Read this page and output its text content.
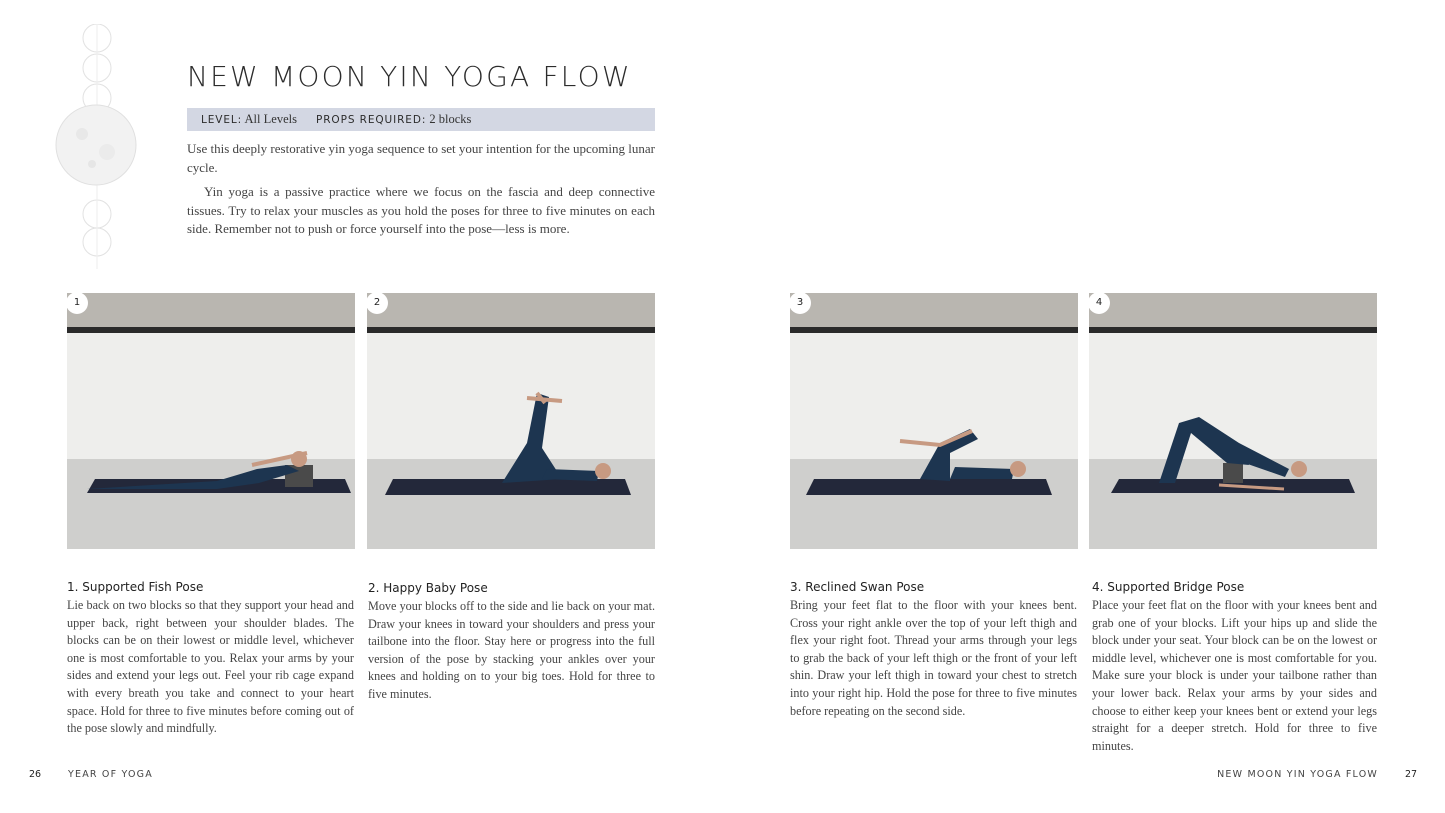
NEW MOON YIN YOGA FLOW
LEVEL: All Levels PROPS REQUIRED: 2 blocks

Use this deeply restorative yin yoga sequence to set your intention for the upcoming lunar cycle.

Yin yoga is a passive practice where we focus on the fascia and deep connective tissues. Try to relax your muscles as you hold the poses for three to five minutes on each side. Remember not to push or force yourself into the pose—less is more.

1	2	3	4
1. Supported Fish Pose

Lie back on two blocks so that they support your head and upper back, right between your shoulder blades. The blocks can be on their lowest or middle level, whichever one is most comfortable to you. Relax your arms by your sides and extend your legs out. Feel your rib cage expand with every breath you take and connect to your heart space. Hold for three to five minutes before coming out of the pose slowly and mindfully.

2. Happy Baby Pose

Move your blocks off to the side and lie back on your mat. Draw your knees in toward your shoulders and press your tailbone into the floor. Stay here or progress into the full version of the pose by stacking your ankles over your knees and holding on to your big toes. Hold for three to five minutes.

3. Reclined Swan Pose

Bring your feet flat to the floor with your knees bent. Cross your right ankle over the top of your left thigh and flex your right foot. Thread your arms through your legs to grab the back of your left thigh or the front of your left shin. Draw your left thigh in toward your chest to stretch into your right hip. Hold the pose for three to five minutes before repeating on the second side.

4. Supported Bridge Pose

Place your feet flat on the floor with your knees bent and grab one of your blocks. Lift your hips up and slide the block under your seat. Your block can be on the lowest or middle level, whichever one is most comfortable for you. Make sure your block is under your tailbone rather than your lower back. Relax your arms by your sides and choose to either keep your knees bent or extend your legs straight for a deeper stretch. Hold for three to five minutes.

26	YEAR OF YOGA	NEW MOON YIN YOGA FLOW	27
